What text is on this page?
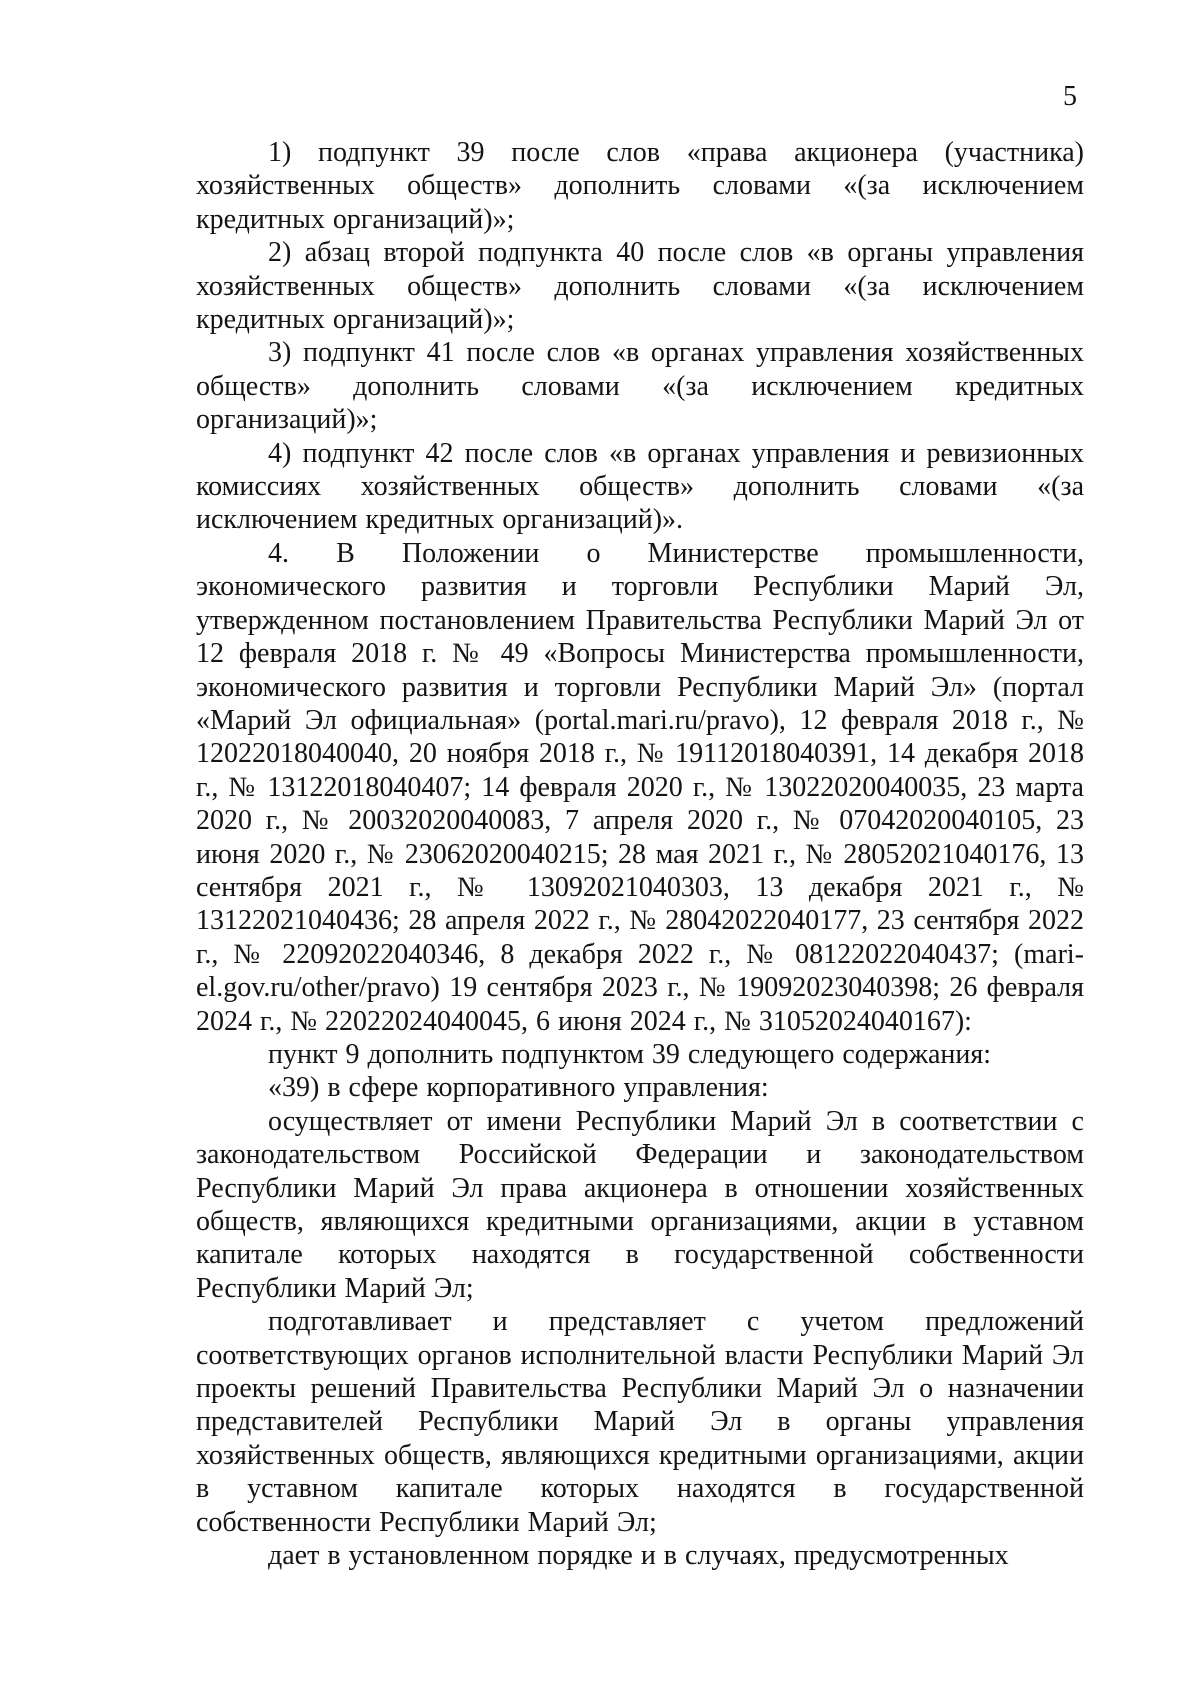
5

1) подпункт 39 после слов «права акционера (участника) хозяйственных обществ» дополнить словами «(за исключением кредитных организаций)»;

2) абзац второй подпункта 40 после слов «в органы управления хозяйственных обществ» дополнить словами «(за исключением кредитных организаций)»;

3) подпункт 41 после слов «в органах управления хозяйственных обществ» дополнить словами «(за исключением кредитных организаций)»;

4) подпункт 42 после слов «в органах управления и ревизионных комиссиях хозяйственных обществ» дополнить словами «(за исключением кредитных организаций)».

4. В Положении о Министерстве промышленности, экономического развития и торговли Республики Марий Эл, утвержденном постановлением Правительства Республики Марий Эл от 12 февраля 2018 г. № 49 «Вопросы Министерства промышленности, экономического развития и торговли Республики Марий Эл» (портал «Марий Эл официальная» (portal.mari.ru/pravo), 12 февраля 2018 г., № 12022018040040, 20 ноября 2018 г., № 19112018040391, 14 декабря 2018 г., № 13122018040407; 14 февраля 2020 г., № 13022020040035, 23 марта 2020 г., № 20032020040083, 7 апреля 2020 г., № 07042020040105, 23 июня 2020 г., № 23062020040215; 28 мая 2021 г., № 28052021040176, 13 сентября 2021 г., № 13092021040303, 13 декабря 2021 г., № 13122021040436; 28 апреля 2022 г., № 28042022040177, 23 сентября 2022 г., № 22092022040346, 8 декабря 2022 г., № 08122022040437; (mari-el.gov.ru/other/pravo) 19 сентября 2023 г., № 19092023040398; 26 февраля 2024 г., № 22022024040045, 6 июня 2024 г., № 31052024040167):

пункт 9 дополнить подпунктом 39 следующего содержания:

«39) в сфере корпоративного управления:

осуществляет от имени Республики Марий Эл в соответствии с законодательством Российской Федерации и законодательством Республики Марий Эл права акционера в отношении хозяйственных обществ, являющихся кредитными организациями, акции в уставном капитале которых находятся в государственной собственности Республики Марий Эл;

подготавливает и представляет с учетом предложений соответствующих органов исполнительной власти Республики Марий Эл проекты решений Правительства Республики Марий Эл о назначении представителей Республики Марий Эл в органы управления хозяйственных обществ, являющихся кредитными организациями, акции в уставном капитале которых находятся в государственной собственности Республики Марий Эл;

дает в установленном порядке и в случаях, предусмотренных
